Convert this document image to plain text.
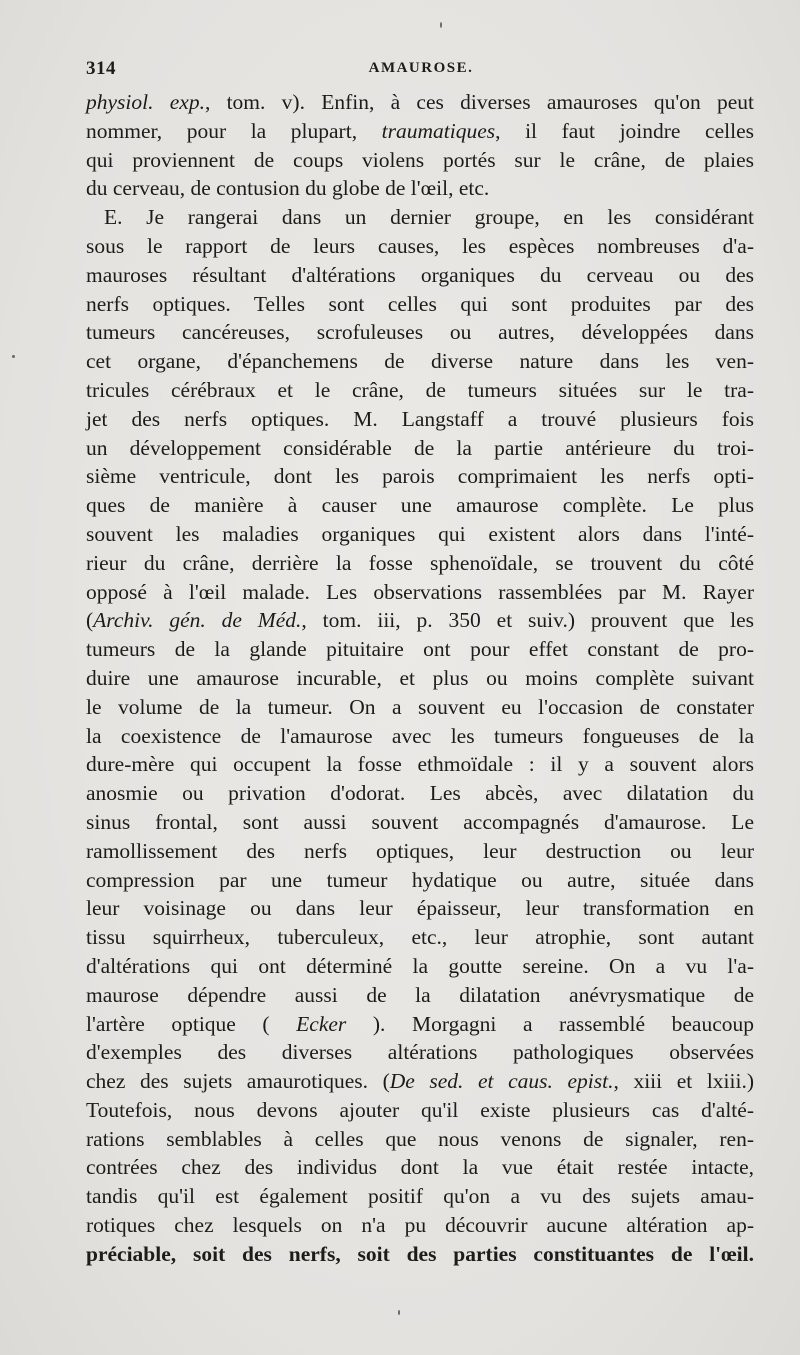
314	AMAUROSE.
physiol. exp., tom. v). Enfin, à ces diverses amauroses qu'on peut
nommer, pour la plupart, traumatiques, il faut joindre celles
qui proviennent de coups violens portés sur le crâne, de plaies
du cerveau, de contusion du globe de l'œil, etc.
E. Je rangerai dans un dernier groupe, en les considérant
sous le rapport de leurs causes, les espèces nombreuses d'a-
mauroses résultant d'altérations organiques du cerveau ou des
nerfs optiques. Telles sont celles qui sont produites par des
tumeurs cancéreuses, scrofuleuses ou autres, développées dans
cet organe, d'épanchemens de diverse nature dans les ven-
tricules cérébraux et le crâne, de tumeurs situées sur le tra-
jet des nerfs optiques. M. Langstaff a trouvé plusieurs fois
un développement considérable de la partie antérieure du troi-
sième ventricule, dont les parois comprimaient les nerfs opti-
ques de manière à causer une amaurose complète. Le plus
souvent les maladies organiques qui existent alors dans l'inté-
rieur du crâne, derrière la fosse sphenoïdale, se trouvent du côté
opposé à l'œil malade. Les observations rassemblées par M. Rayer
(Archiv. gén. de Méd., tom. iii, p. 350 et suiv.) prouvent que les
tumeurs de la glande pituitaire ont pour effet constant de pro-
duire une amaurose incurable, et plus ou moins complète suivant
le volume de la tumeur. On a souvent eu l'occasion de constater
la coexistence de l'amaurose avec les tumeurs fongueuses de la
dure-mère qui occupent la fosse ethmoïdale : il y a souvent alors
anosmie ou privation d'odorat. Les abcès, avec dilatation du
sinus frontal, sont aussi souvent accompagnés d'amaurose. Le
ramollissement des nerfs optiques, leur destruction ou leur
compression par une tumeur hydatique ou autre, située dans
leur voisinage ou dans leur épaisseur, leur transformation en
tissu squirrheux, tuberculeux, etc., leur atrophie, sont autant
d'altérations qui ont déterminé la goutte sereine. On a vu l'a-
maurose dépendre aussi de la dilatation anévrysmatique de
l'artère optique ( Ecker ). Morgagni a rassemblé beaucoup
d'exemples des diverses altérations pathologiques observées
chez des sujets amaurotiques. (De sed. et caus. epist., xiii et lxiii.)
Toutefois, nous devons ajouter qu'il existe plusieurs cas d'alté-
rations semblables à celles que nous venons de signaler, ren-
contrées chez des individus dont la vue était restée intacte,
tandis qu'il est également positif qu'on a vu des sujets amau-
rotiques chez lesquels on n'a pu découvrir aucune altération ap-
préciable, soit des nerfs, soit des parties constituantes de l'œil.
